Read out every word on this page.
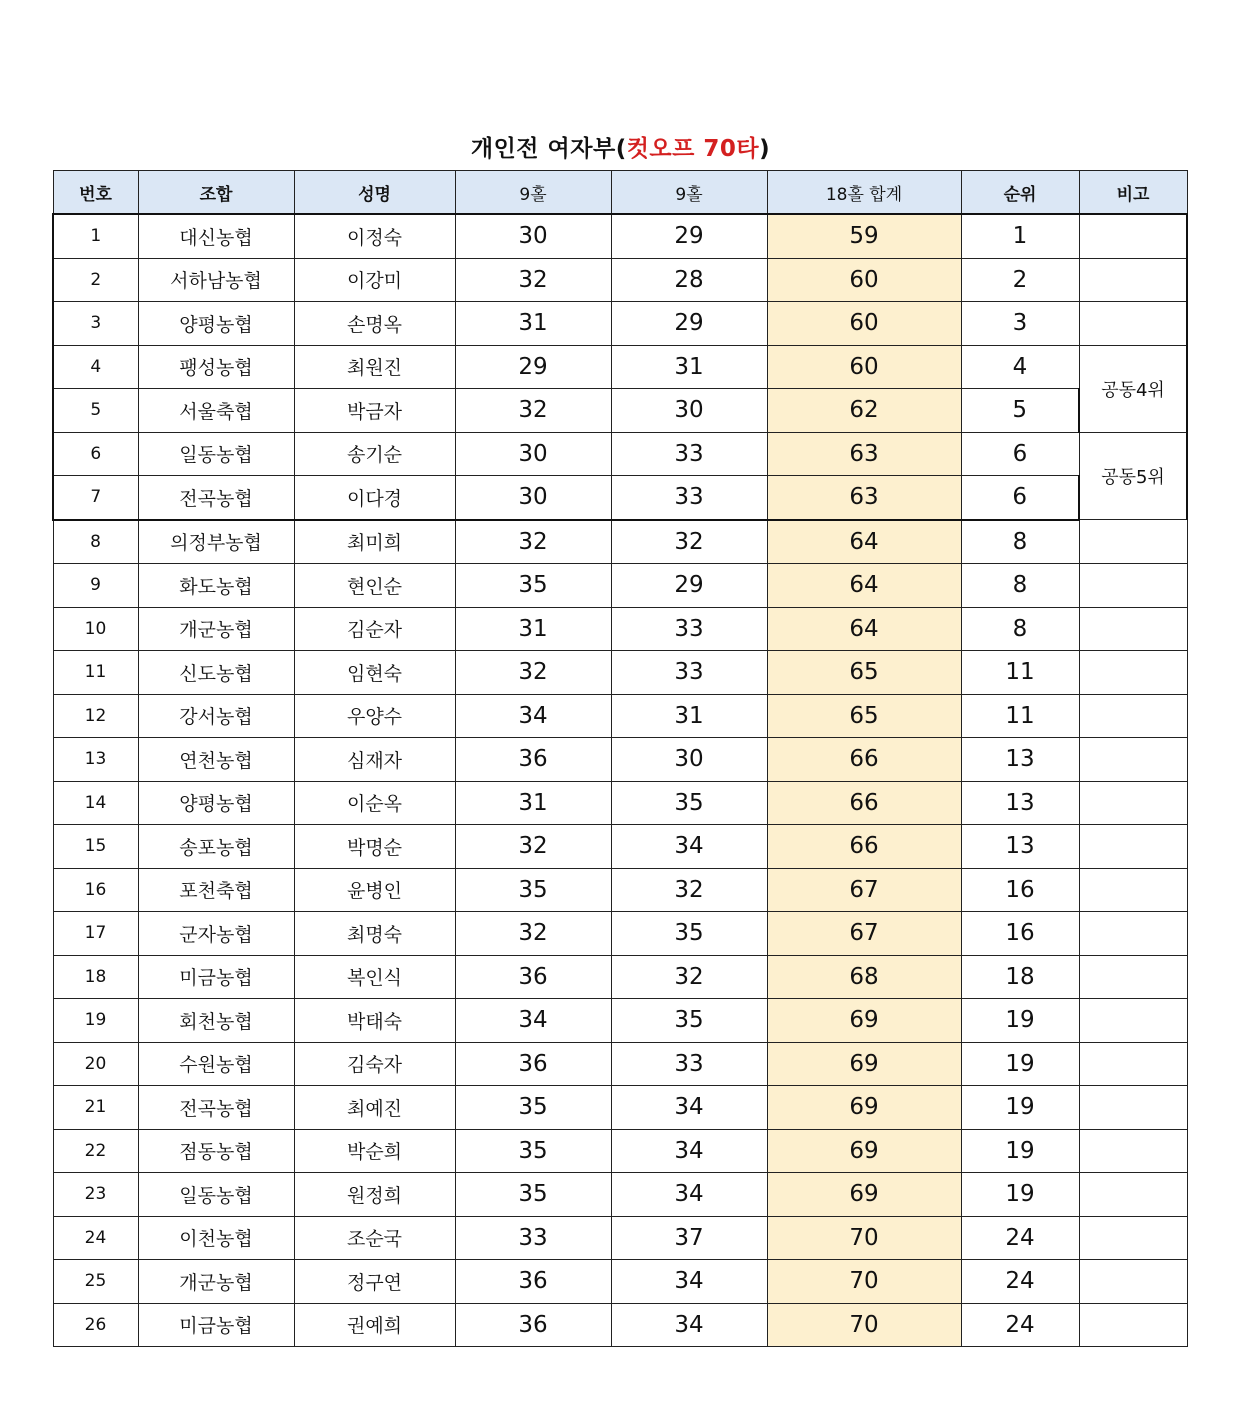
개인전 여자부(컷오프 70타)
번호	조합	성명	9홀	9홀	18홀 합계	순위	비고
1	대신농협	이정숙	30	29	59	1	
2	서하남농협	이강미	32	28	60	2	
3	양평농협	손명옥	31	29	60	3	
4	팽성농협	최원진	29	31	60	4	공동4위
5	서울축협	박금자	32	30	62	5	
6	일동농협	송기순	30	33	63	6	공동5위
7	전곡농협	이다경	30	33	63	6	
8	의정부농협	최미희	32	32	64	8	
9	화도농협	현인순	35	29	64	8	
10	개군농협	김순자	31	33	64	8	
11	신도농협	임현숙	32	33	65	11	
12	강서농협	우양수	34	31	65	11	
13	연천농협	심재자	36	30	66	13	
14	양평농협	이순옥	31	35	66	13	
15	송포농협	박명순	32	34	66	13	
16	포천축협	윤병인	35	32	67	16	
17	군자농협	최명숙	32	35	67	16	
18	미금농협	복인식	36	32	68	18	
19	회천농협	박태숙	34	35	69	19	
20	수원농협	김숙자	36	33	69	19	
21	전곡농협	최예진	35	34	69	19	
22	점동농협	박순희	35	34	69	19	
23	일동농협	원정희	35	34	69	19	
24	이천농협	조순국	33	37	70	24	
25	개군농협	정구연	36	34	70	24	
26	미금농협	권예희	36	34	70	24	
